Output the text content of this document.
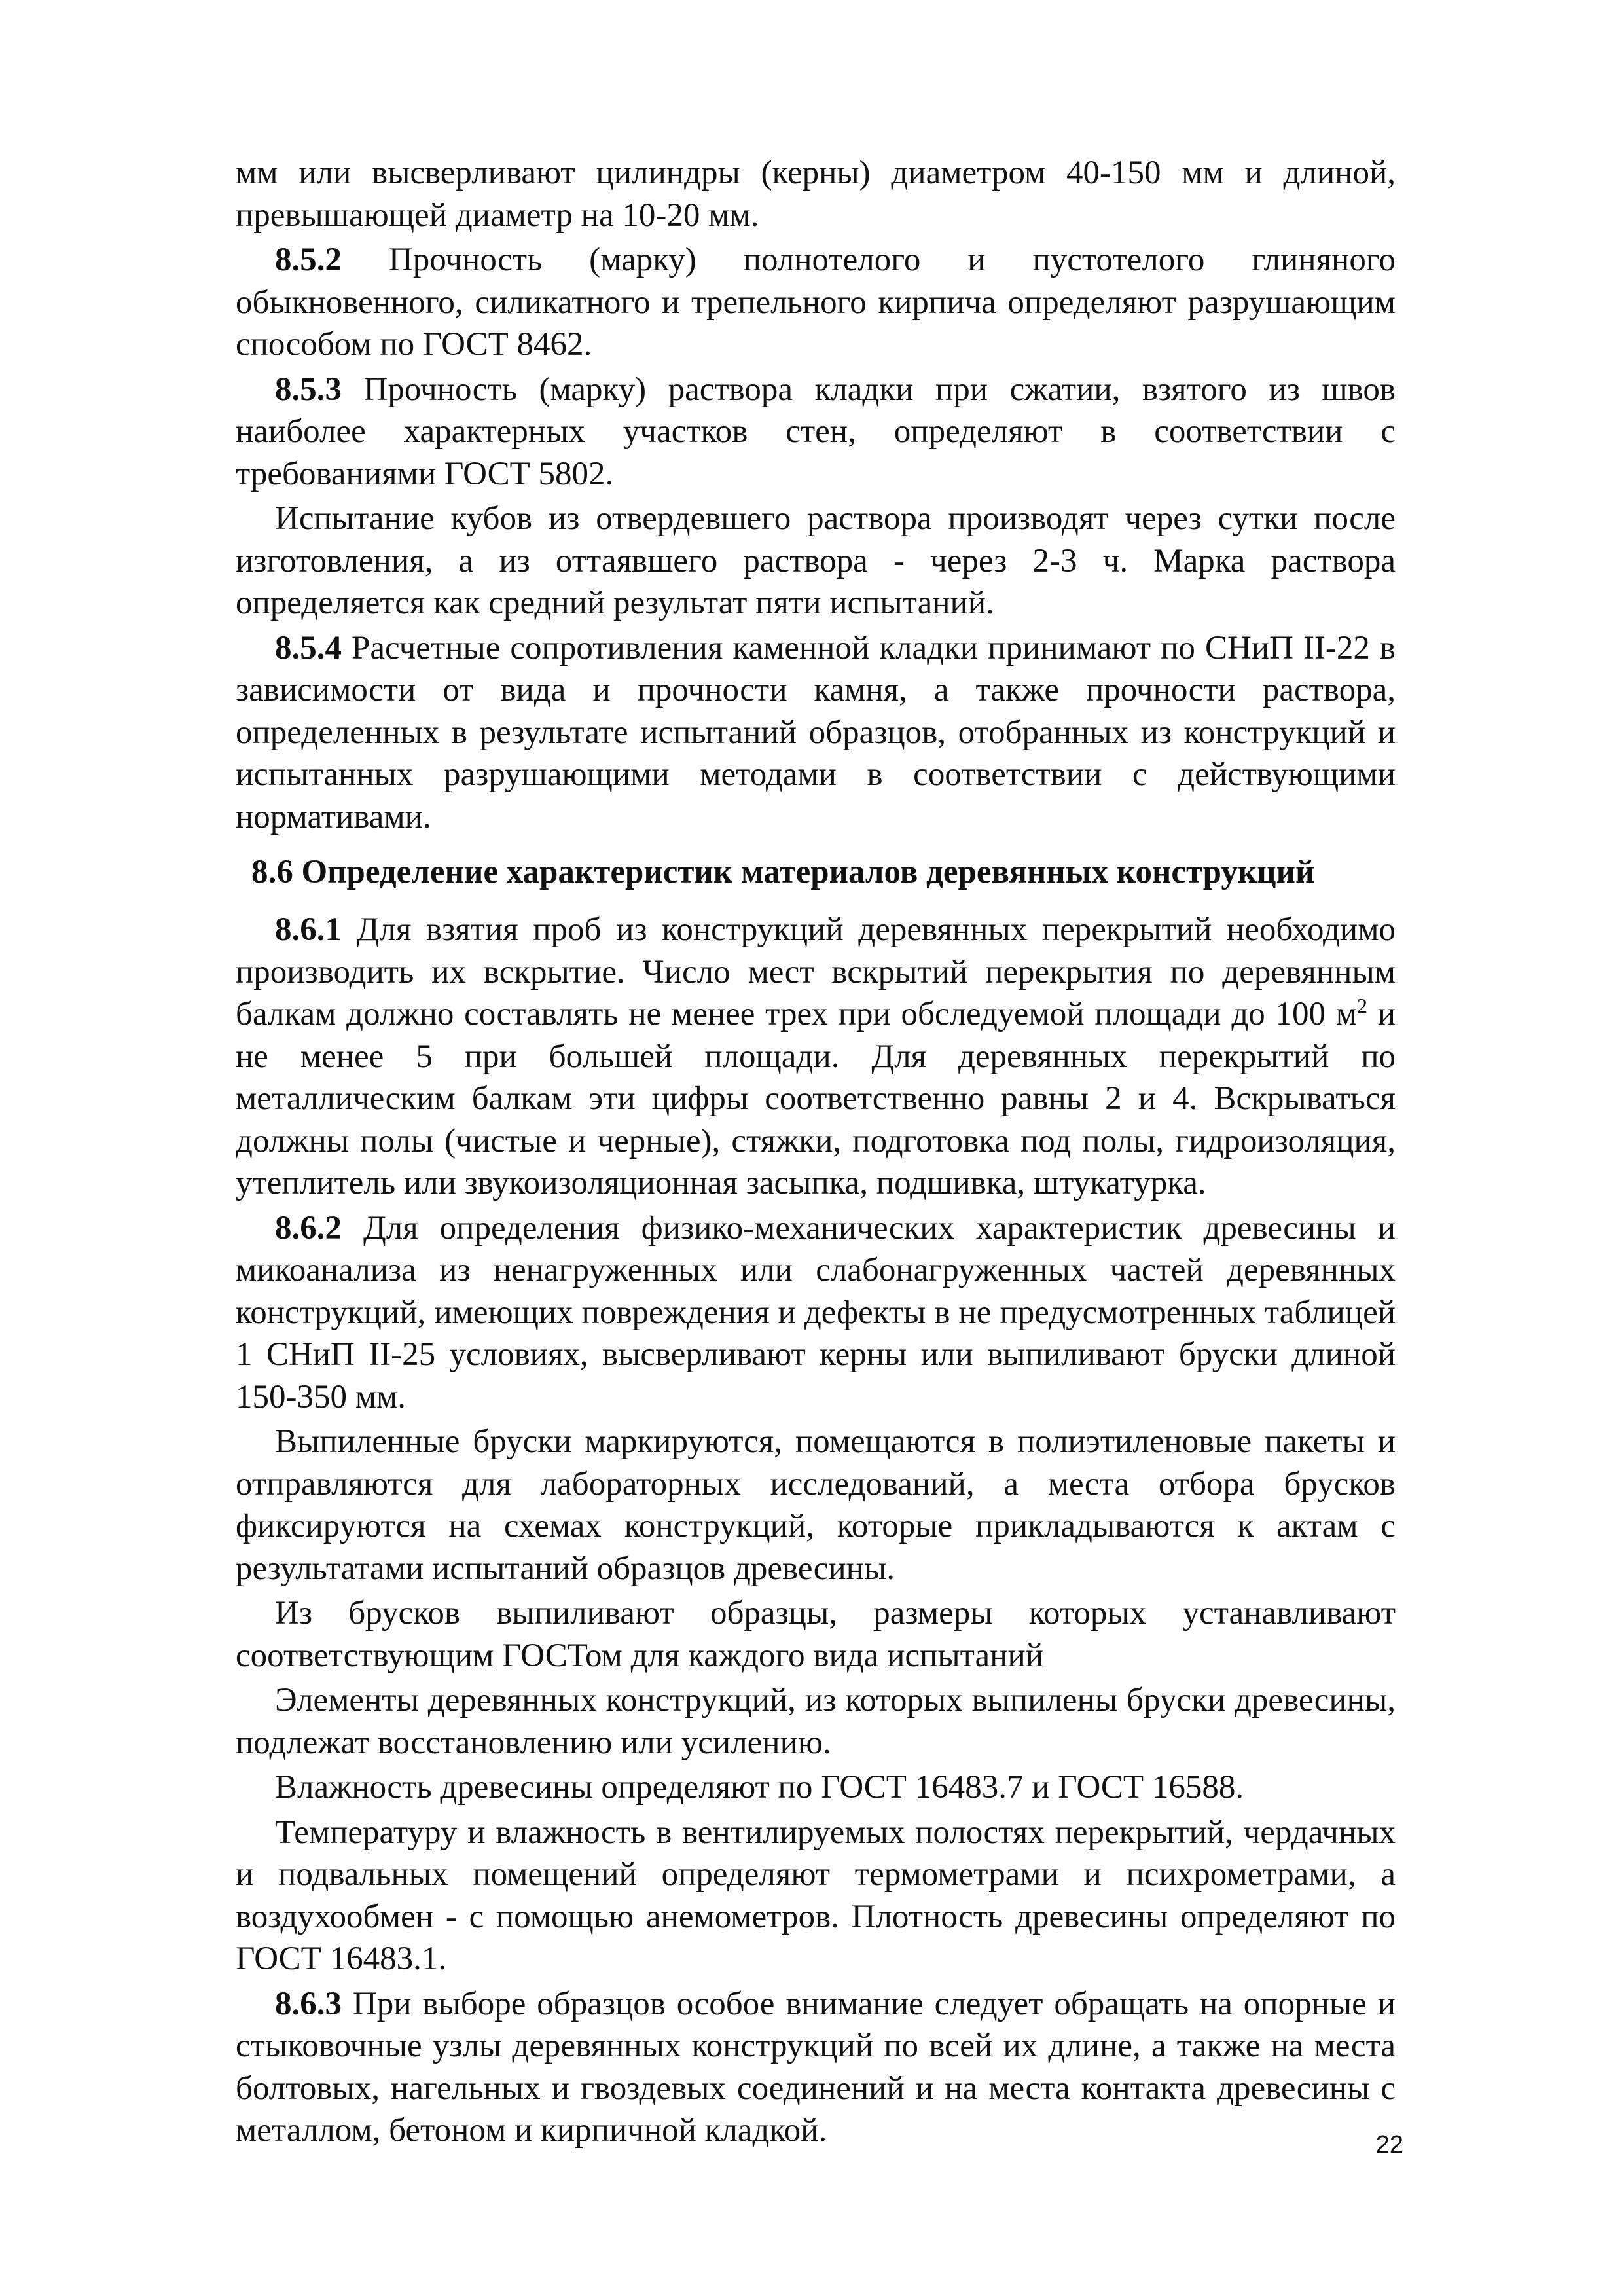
мм или высверливают цилиндры (керны) диаметром 40-150 мм и длиной, превышающей диаметр на 10-20 мм.

8.5.2 Прочность (марку) полнотелого и пустотелого глиняного обыкновенного, силикатного и трепельного кирпича определяют разрушающим способом по ГОСТ 8462.

8.5.3 Прочность (марку) раствора кладки при сжатии, взятого из швов наиболее характерных участков стен, определяют в соответствии с требованиями ГОСТ 5802.

Испытание кубов из отвердевшего раствора производят через сутки после изготовления, а из оттаявшего раствора - через 2-3 ч. Марка раствора определяется как средний результат пяти испытаний.

8.5.4 Расчетные сопротивления каменной кладки принимают по СНиП II-22 в зависимости от вида и прочности камня, а также прочности раствора, определенных в результате испытаний образцов, отобранных из конструкций и испытанных разрушающими методами в соответствии с действующими нормативами.

8.6 Определение характеристик материалов деревянных конструкций

8.6.1 Для взятия проб из конструкций деревянных перекрытий необходимо производить их вскрытие. Число мест вскрытий перекрытия по деревянным балкам должно составлять не менее трех при обследуемой площади до 100 $м^2$ и не менее 5 при большей площади. Для деревянных перекрытий по металлическим балкам эти цифры соответственно равны 2 и 4. Вскрываться должны полы (чистые и черные), стяжки, подготовка под полы, гидроизоляция, утеплитель или звукоизоляционная засыпка, подшивка, штукатурка.

8.6.2 Для определения физико-механических характеристик древесины и микоанализа из ненагруженных или слабонагруженных частей деревянных конструкций, имеющих повреждения и дефекты в не предусмотренных таблицей 1 СНиП II-25 условиях, высверливают керны или выпиливают бруски длиной 150-350 мм.

Выпиленные бруски маркируются, помещаются в полиэтиленовые пакеты и отправляются для лабораторных исследований, а места отбора брусков фиксируются на схемах конструкций, которые прикладываются к актам с результатами испытаний образцов древесины.

Из брусков выпиливают образцы, размеры которых устанавливают соответствующим ГОСТом для каждого вида испытаний

Элементы деревянных конструкций, из которых выпилены бруски древесины, подлежат восстановлению или усилению.

Влажность древесины определяют по ГОСТ 16483.7 и ГОСТ 16588.

Температуру и влажность в вентилируемых полостях перекрытий, чердачных и подвальных помещений определяют термометрами и психрометрами, а воздухообмен - с помощью анемометров. Плотность древесины определяют по ГОСТ 16483.1.

8.6.3 При выборе образцов особое внимание следует обращать на опорные и стыковочные узлы деревянных конструкций по всей их длине, а также на места болтовых, нагельных и гвоздевых соединений и на места контакта древесины с металлом, бетоном и кирпичной кладкой.	22
